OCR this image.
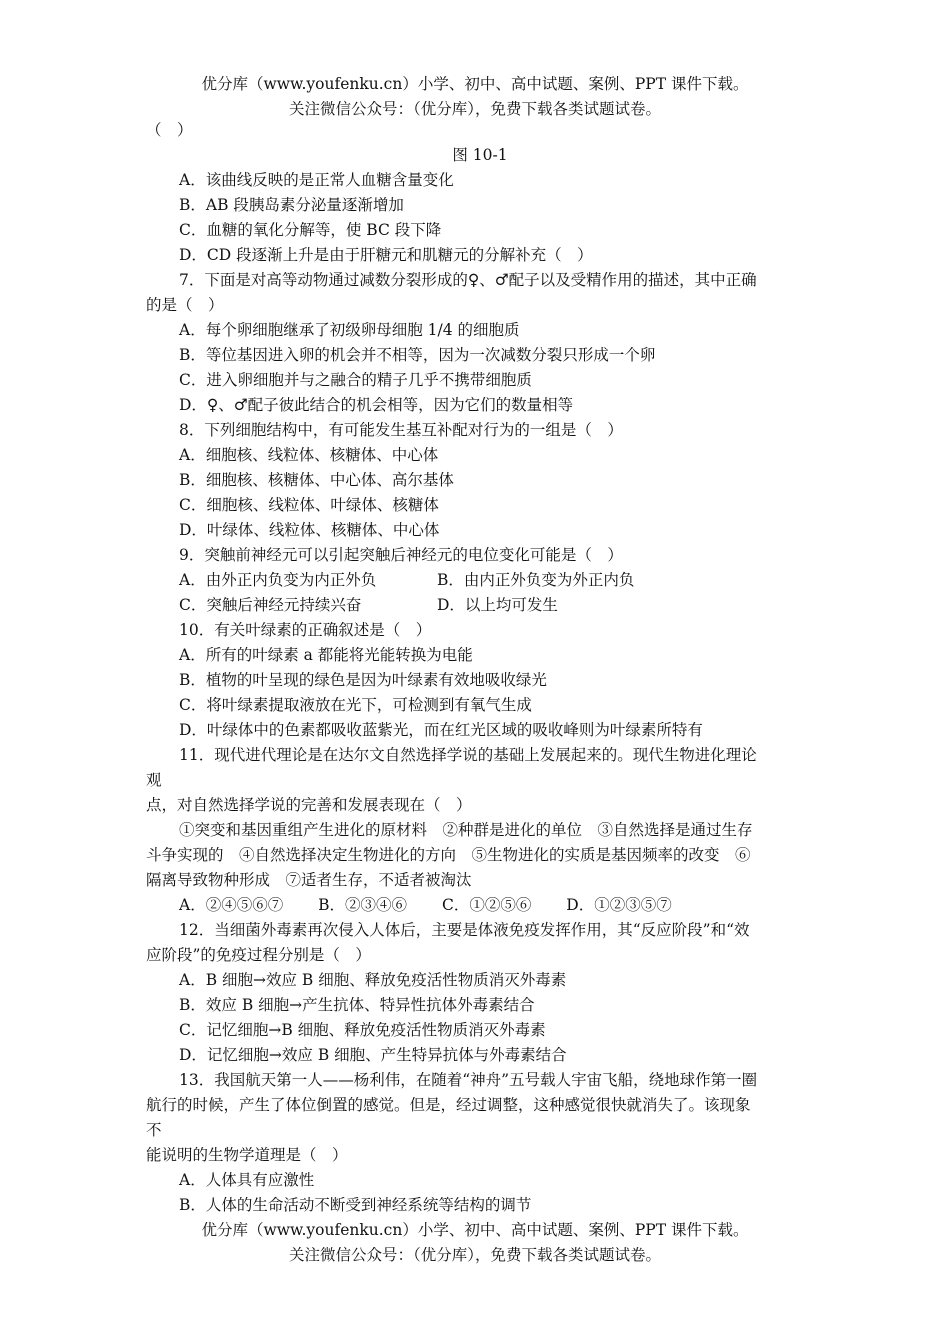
优分库（www.youfenku.cn）小学、初中、高中试题、案例、PPT 课件下载。
关注微信公众号：（优分库），免费下载各类试题试卷。
（　）
图 10-1
A．该曲线反映的是正常人血糖含量变化
B．AB 段胰岛素分泌量逐渐增加
C．血糖的氧化分解等，使 BC 段下降
D．CD 段逐渐上升是由于肝糖元和肌糖元的分解补充（　）
7．下面是对高等动物通过减数分裂形成的♀、♂配子以及受精作用的描述，其中正确
的是（　）
A．每个卵细胞继承了初级卵母细胞 1/4 的细胞质
B．等位基因进入卵的机会并不相等，因为一次减数分裂只形成一个卵
C．进入卵细胞并与之融合的精子几乎不携带细胞质
D．♀、♂配子彼此结合的机会相等，因为它们的数量相等
8．下列细胞结构中，有可能发生基互补配对行为的一组是（　）
A．细胞核、线粒体、核糖体、中心体
B．细胞核、核糖体、中心体、高尔基体
C．细胞核、线粒体、叶绿体、核糖体
D．叶绿体、线粒体、核糖体、中心体
9．突触前神经元可以引起突触后神经元的电位变化可能是（　）
A．由外正内负变为内正外负	B．由内正外负变为外正内负
C．突触后神经元持续兴奋	D．以上均可发生
10．有关叶绿素的正确叙述是（　）
A．所有的叶绿素 a 都能将光能转换为电能
B．植物的叶呈现的绿色是因为叶绿素有效地吸收绿光
C．将叶绿素提取液放在光下，可检测到有氧气生成
D．叶绿体中的色素都吸收蓝紫光，而在红光区域的吸收峰则为叶绿素所特有
11．现代进代理论是在达尔文自然选择学说的基础上发展起来的。现代生物进化理论
观
点，对自然选择学说的完善和发展表现在（　）
①突变和基因重组产生进化的原材料　②种群是进化的单位　③自然选择是通过生存
斗争实现的　④自然选择决定生物进化的方向　⑤生物进化的实质是基因频率的改变　⑥
隔离导致物种形成　⑦适者生存，不适者被淘汰
A．②④⑤⑥⑦ B．②③④⑥ C．①②⑤⑥ D．①②③⑤⑦
12．当细菌外毒素再次侵入人体后，主要是体液免疫发挥作用，其“反应阶段”和“效
应阶段”的免疫过程分别是（　）
A．B 细胞→效应 B 细胞、释放免疫活性物质消灭外毒素
B．效应 B 细胞→产生抗体、特异性抗体外毒素结合
C．记忆细胞→B 细胞、释放免疫活性物质消灭外毒素
D．记忆细胞→效应 B 细胞、产生特异抗体与外毒素结合
13．我国航天第一人——杨利伟，在随着“神舟”五号载人宇宙飞船，绕地球作第一圈
航行的时候，产生了体位倒置的感觉。但是，经过调整，这种感觉很快就消失了。该现象
不
能说明的生物学道理是（　）
A．人体具有应激性
B．人体的生命活动不断受到神经系统等结构的调节
优分库（www.youfenku.cn）小学、初中、高中试题、案例、PPT 课件下载。
关注微信公众号：（优分库），免费下载各类试题试卷。
